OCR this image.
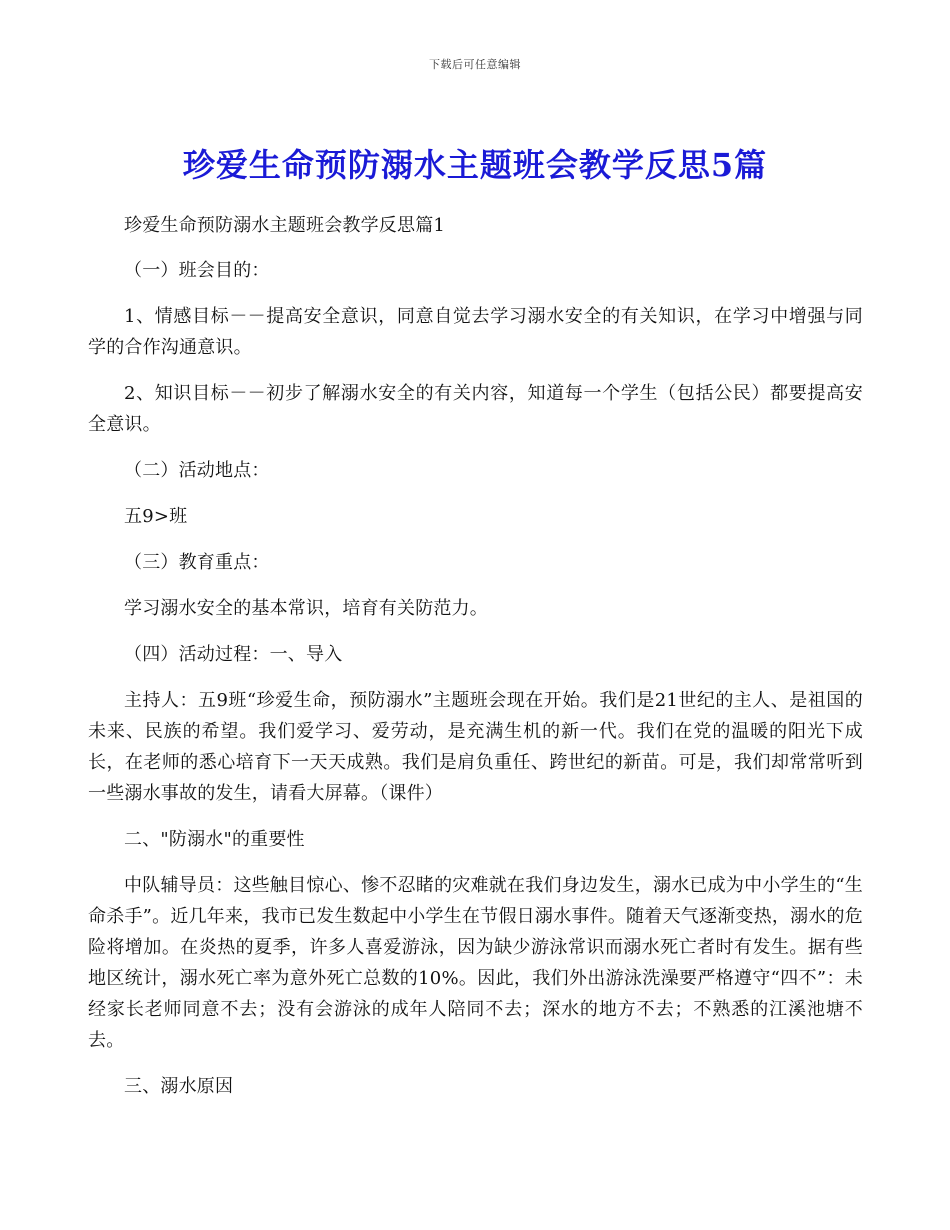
下载后可任意编辑
珍爱生命预防溺水主题班会教学反思5篇

珍爱生命预防溺水主题班会教学反思篇1

（一）班会目的：

1、情感目标－－提高安全意识，同意自觉去学习溺水安全的有关知识，在学习中增强与同学的合作沟通意识。

2、知识目标－－初步了解溺水安全的有关内容，知道每一个学生（包括公民）都要提高安全意识。

（二）活动地点：

五9>班

（三）教育重点：

学习溺水安全的基本常识，培育有关防范力。

（四）活动过程：一、导入

主持人：五9班“珍爱生命，预防溺水”主题班会现在开始。我们是21世纪的主人、是祖国的未来、民族的希望。我们爱学习、爱劳动，是充满生机的新一代。我们在党的温暖的阳光下成长，在老师的悉心培育下一天天成熟。我们是肩负重任、跨世纪的新苗。可是，我们却常常听到一些溺水事故的发生，请看大屏幕。（课件）

二、"防溺水"的重要性

中队辅导员：这些触目惊心、惨不忍睹的灾难就在我们身边发生，溺水已成为中小学生的“生命杀手”。近几年来，我市已发生数起中小学生在节假日溺水事件。随着天气逐渐变热，溺水的危险将增加。在炎热的夏季，许多人喜爱游泳，因为缺少游泳常识而溺水死亡者时有发生。据有些地区统计，溺水死亡率为意外死亡总数的10%。因此，我们外出游泳洗澡要严格遵守“四不”：未经家长老师同意不去；没有会游泳的成年人陪同不去；深水的地方不去；不熟悉的江溪池塘不去。

三、溺水原因
